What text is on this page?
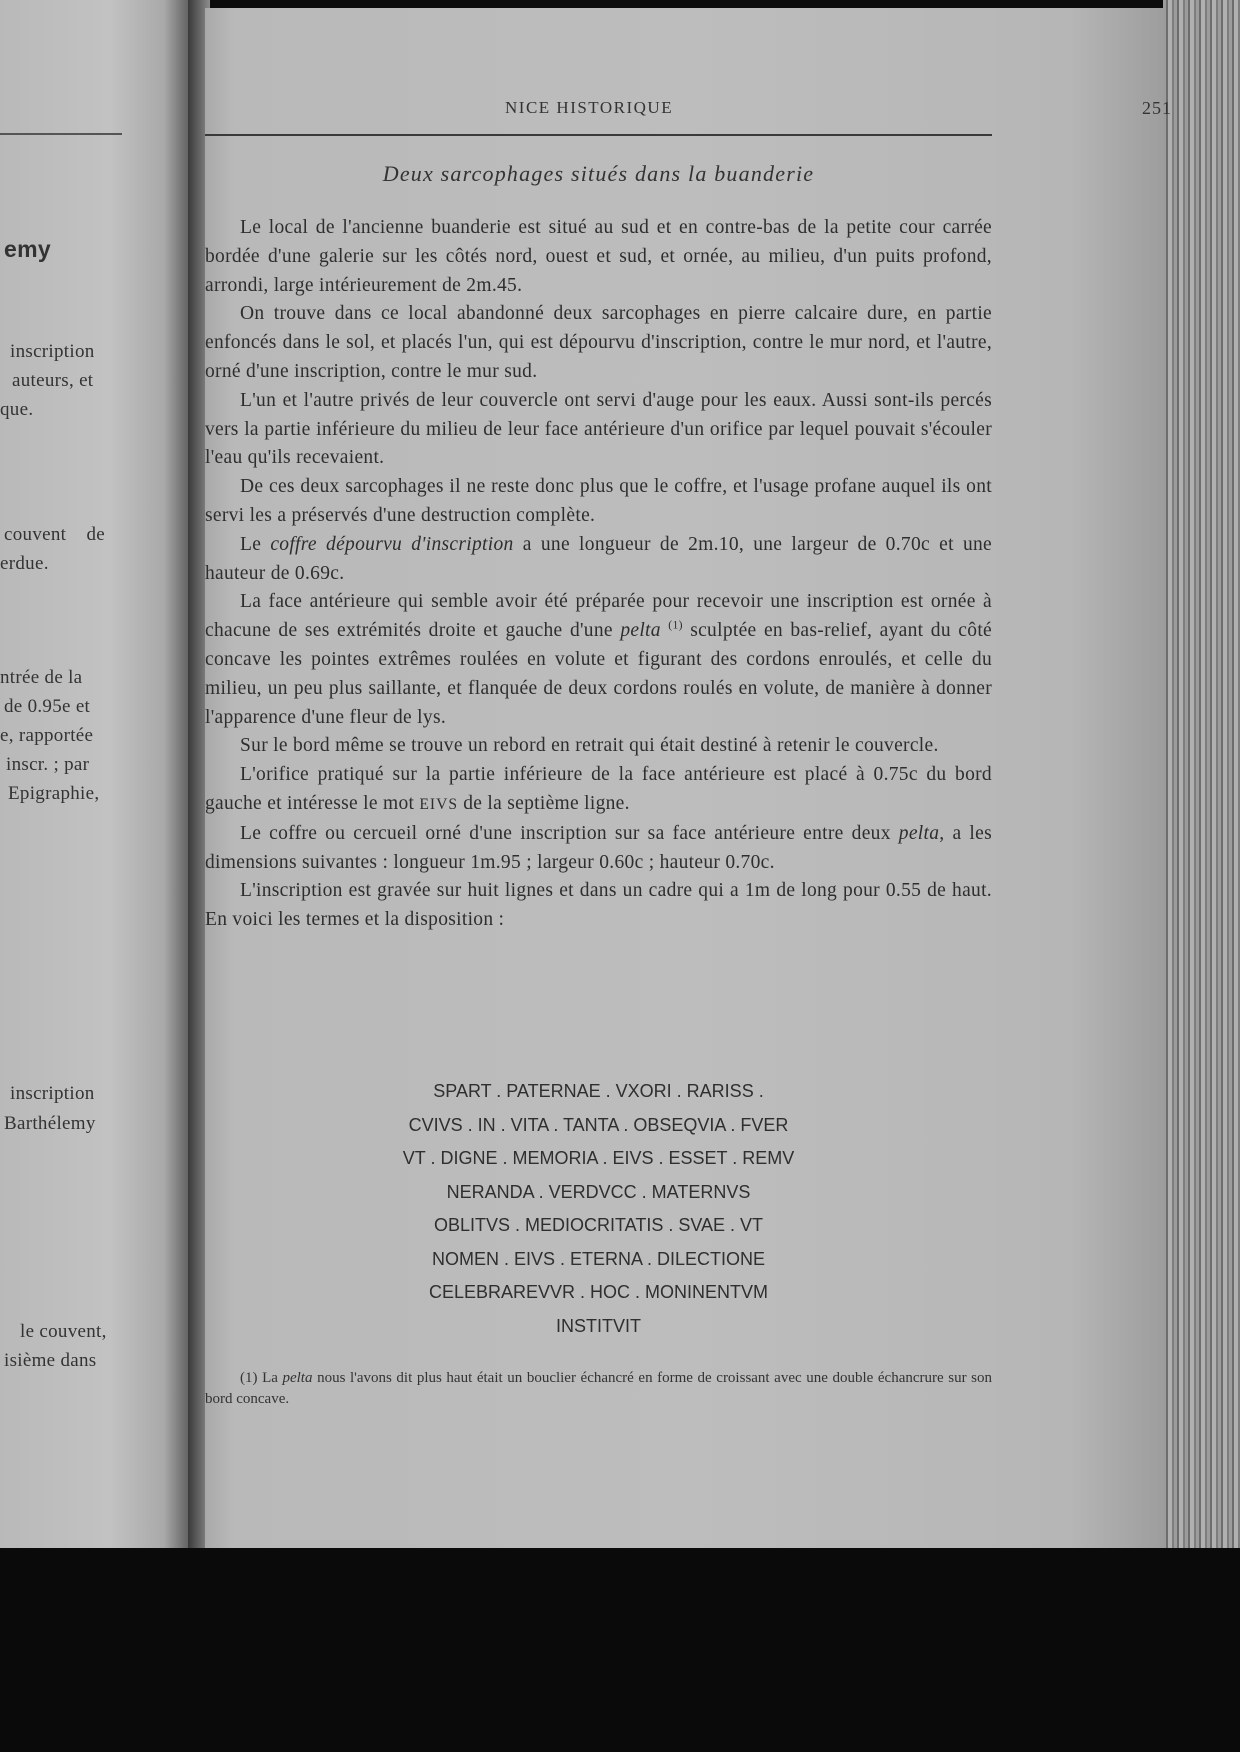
emy
inscription
auteurs, et
que.
couvent    de
erdue.
ntrée de la
de 0.95e et
e, rapportée
inscr. ; par
Epigraphie,
inscription
Barthélemy
le couvent,
isième dans
NICE HISTORIQUE	251
Deux sarcophages situés dans la buanderie

Le local de l'ancienne buanderie est situé au sud et en contre-bas de la petite cour carrée bordée d'une galerie sur les côtés nord, ouest et sud, et ornée, au milieu, d'un puits profond, arrondi, large intérieurement de 2m.45.

On trouve dans ce local abandonné deux sarcophages en pierre calcaire dure, en partie enfoncés dans le sol, et placés l'un, qui est dépourvu d'inscription, contre le mur nord, et l'autre, orné d'une inscription, contre le mur sud.

L'un et l'autre privés de leur couvercle ont servi d'auge pour les eaux. Aussi sont-ils percés vers la partie inférieure du milieu de leur face antérieure d'un orifice par lequel pouvait s'écouler l'eau qu'ils recevaient.

De ces deux sarcophages il ne reste donc plus que le coffre, et l'usage profane auquel ils ont servi les a préservés d'une destruction complète.

Le coffre dépourvu d'inscription a une longueur de 2m.10, une largeur de 0.70c et une hauteur de 0.69c.

La face antérieure qui semble avoir été préparée pour recevoir une inscription est ornée à chacune de ses extrémités droite et gauche d'une pelta $^{(1)}$ sculptée en bas-relief, ayant du côté concave les pointes extrêmes roulées en volute et figurant des cordons enroulés, et celle du milieu, un peu plus saillante, et flanquée de deux cordons roulés en volute, de manière à donner l'apparence d'une fleur de lys.

Sur le bord même se trouve un rebord en retrait qui était destiné à retenir le couvercle.

L'orifice pratiqué sur la partie inférieure de la face antérieure est placé à 0.75c du bord gauche et intéresse le mot EIVS de la septième ligne.

Le coffre ou cercueil orné d'une inscription sur sa face antérieure entre deux pelta, a les dimensions suivantes : longueur 1m.95 ; largeur 0.60c ; hauteur 0.70c.

L'inscription est gravée sur huit lignes et dans un cadre qui a 1m de long pour 0.55 de haut. En voici les termes et la disposition :

SPART . PATERNAE . VXORI . RARISS .
CVIVS . IN . VITA . TANTA . OBSEQVIA . FVER
VT . DIGNE . MEMORIA . EIVS . ESSET . REMV
NERANDA . VERDVCC . MATERNVS
OBLITVS . MEDIOCRITATIS . SVAE . VT
NOMEN . EIVS . ETERNA . DILECTIONE
CELEBRAREVVR . HOC . MONINENTVM
INSTITVIT
(1) La pelta nous l'avons dit plus haut était un bouclier échancré en forme de croissant avec une double échancrure sur son bord concave.
